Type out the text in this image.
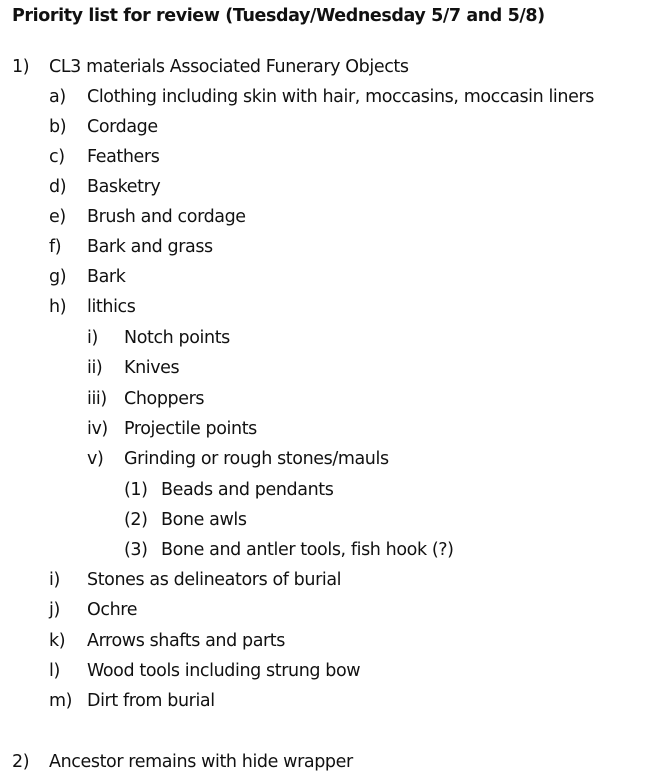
Priority list for review (Tuesday/Wednesday 5/7 and 5/8)
1) CL3 materials Associated Funerary Objects
a) Clothing including skin with hair, moccasins, moccasin liners
b) Cordage
c) Feathers
d) Basketry
e) Brush and cordage
f) Bark and grass
g) Bark
h) lithics
i) Notch points
ii) Knives
iii) Choppers
iv) Projectile points
v) Grinding or rough stones/mauls
(1) Beads and pendants
(2) Bone awls
(3) Bone and antler tools, fish hook (?)
i) Stones as delineators of burial
j) Ochre
k) Arrows shafts and parts
l) Wood tools including strung bow
m) Dirt from burial
2) Ancestor remains with hide wrapper
